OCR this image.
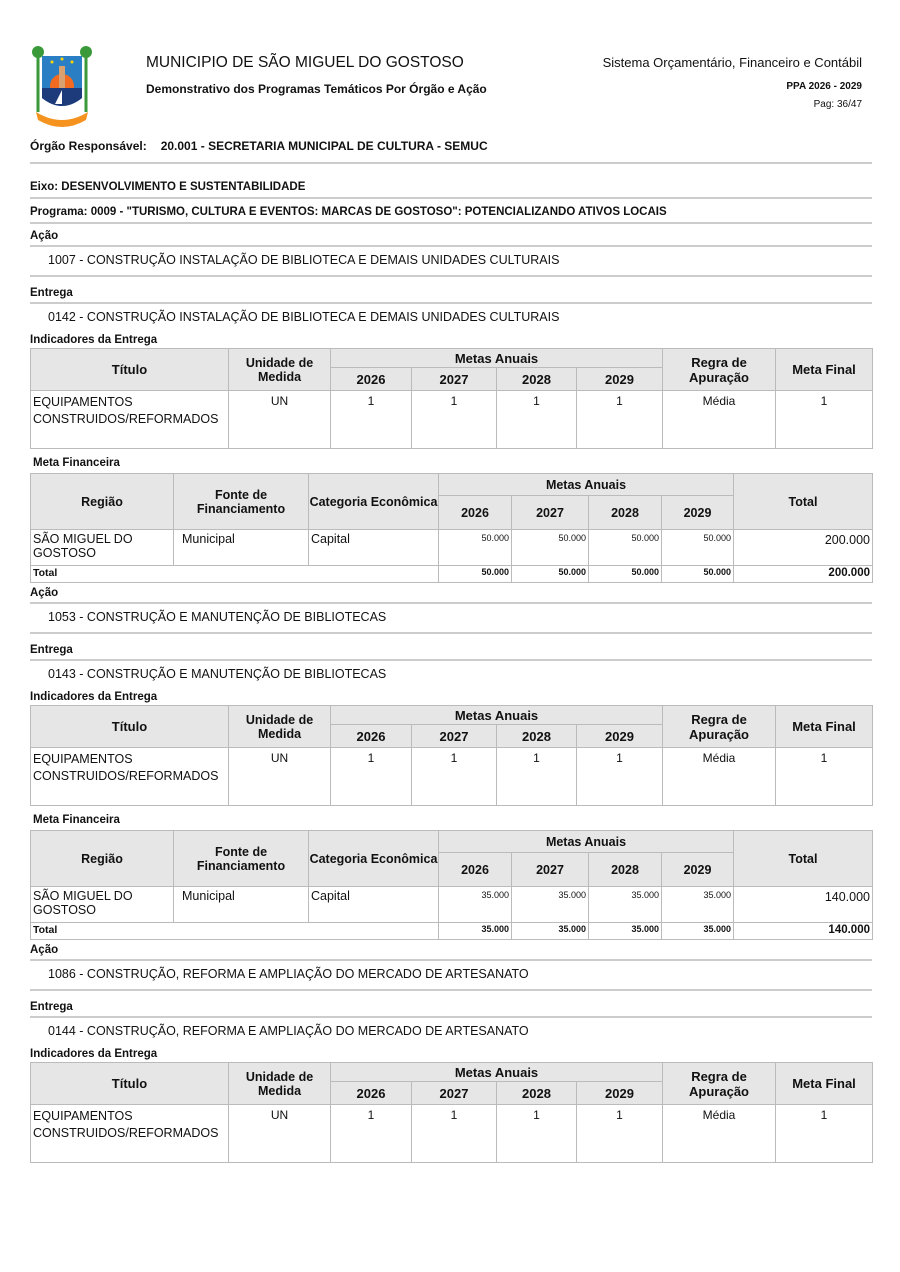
MUNICIPIO DE SÃO MIGUEL DO GOSTOSO
Demonstrativo dos Programas Temáticos Por Órgão e Ação
Sistema Orçamentário, Financeiro e Contábil
PPA 2026 - 2029
Pag: 36/47
Órgão Responsável: 20.001 - SECRETARIA MUNICIPAL DE CULTURA - SEMUC
Eixo: DESENVOLVIMENTO E SUSTENTABILIDADE
Programa: 0009 - "TURISMO, CULTURA E EVENTOS: MARCAS DE GOSTOSO": POTENCIALIZANDO ATIVOS LOCAIS
Ação
1007 - CONSTRUÇÃO INSTALAÇÃO DE BIBLIOTECA E DEMAIS UNIDADES CULTURAIS
Entrega
0142 - CONSTRUÇÃO INSTALAÇÃO DE BIBLIOTECA E DEMAIS UNIDADES CULTURAIS
Indicadores da Entrega
Título	Unidade de Medida	Metas Anuais				Regra de Apuração	Meta Final
		2026	2027	2028	2029		
EQUIPAMENTOS CONSTRUIDOS/REFORMADOS	UN	1	1	1	1	Média	1
Meta Financeira
Região	Fonte de Financiamento	Categoria Econômica	Metas Anuais				Total
			2026	2027	2028	2029	
SÃO MIGUEL DO GOSTOSO	Municipal	Capital	50.000	50.000	50.000	50.000	200.000
Total			50.000	50.000	50.000	50.000	200.000
Ação
1053 - CONSTRUÇÃO E MANUTENÇÃO DE BIBLIOTECAS
Entrega
0143 - CONSTRUÇÃO E MANUTENÇÃO DE BIBLIOTECAS
Indicadores da Entrega
Título	Unidade de Medida	Metas Anuais				Regra de Apuração	Meta Final
		2026	2027	2028	2029		
EQUIPAMENTOS CONSTRUIDOS/REFORMADOS	UN	1	1	1	1	Média	1
Meta Financeira
Região	Fonte de Financiamento	Categoria Econômica	Metas Anuais				Total
			2026	2027	2028	2029	
SÃO MIGUEL DO GOSTOSO	Municipal	Capital	35.000	35.000	35.000	35.000	140.000
Total			35.000	35.000	35.000	35.000	140.000
Ação
1086 - CONSTRUÇÃO, REFORMA E AMPLIAÇÃO DO MERCADO DE ARTESANATO
Entrega
0144 - CONSTRUÇÃO, REFORMA E AMPLIAÇÃO DO MERCADO DE ARTESANATO
Indicadores da Entrega
Título	Unidade de Medida	Metas Anuais				Regra de Apuração	Meta Final
		2026	2027	2028	2029		
EQUIPAMENTOS CONSTRUIDOS/REFORMADOS	UN	1	1	1	1	Média	1
